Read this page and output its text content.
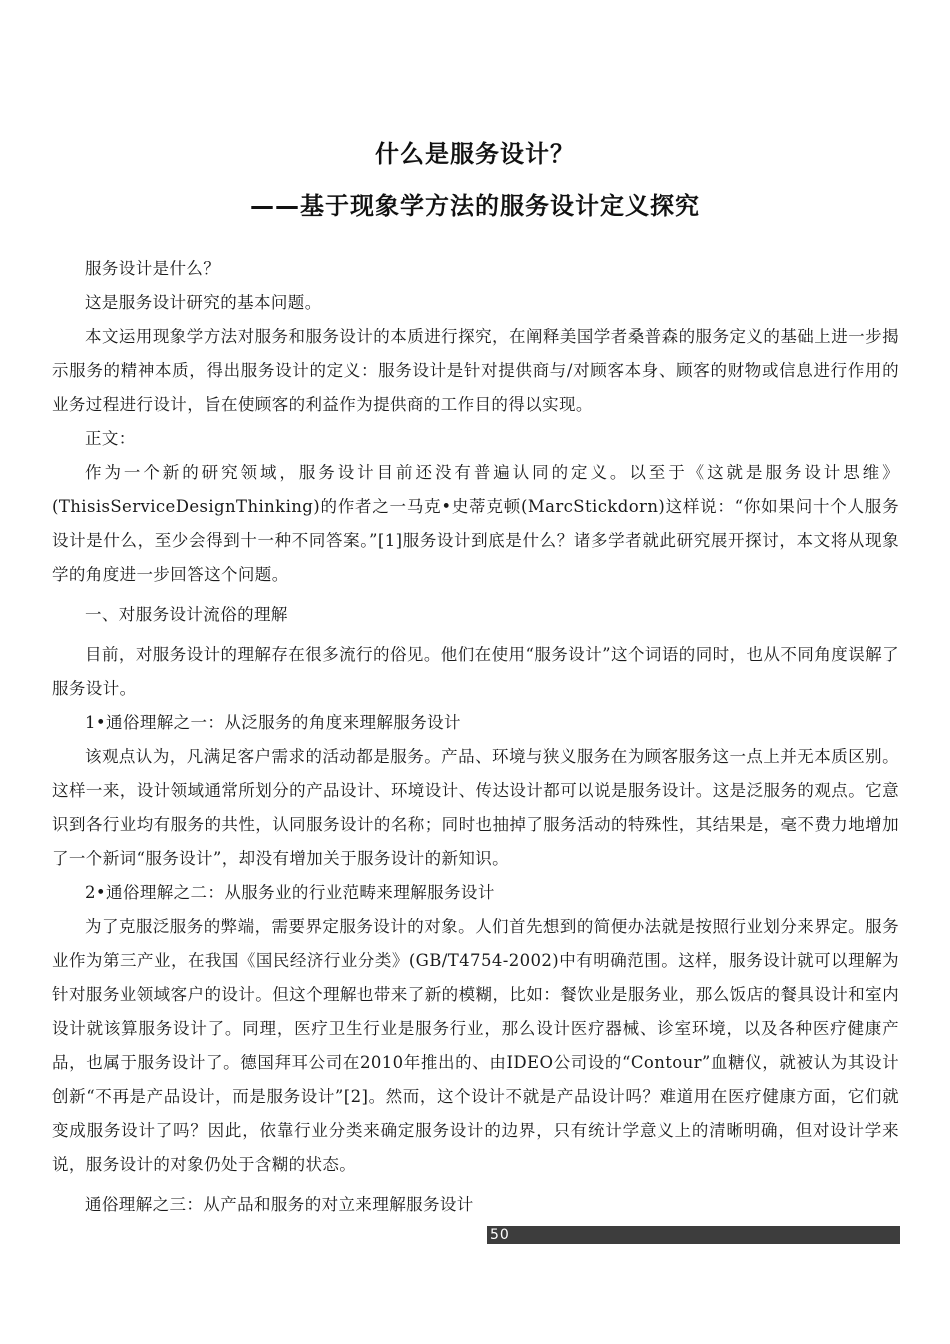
什么是服务设计？
——基于现象学方法的服务设计定义探究

服务设计是什么？

这是服务设计研究的基本问题。

本文运用现象学方法对服务和服务设计的本质进行探究，在阐释美国学者桑普森的服务定义的基础上进一步揭示服务的精神本质，得出服务设计的定义：服务设计是针对提供商与/对顾客本身、顾客的财物或信息进行作用的业务过程进行设计，旨在使顾客的利益作为提供商的工作目的得以实现。

正文：

作为一个新的研究领域，服务设计目前还没有普遍认同的定义。以至于《这就是服务设计思维》(ThisisServiceDesignThinking)的作者之一马克•史蒂克顿(MarcStickdorn)这样说：“你如果问十个人服务设计是什么，至少会得到十一种不同答案。”[1]服务设计到底是什么？诸多学者就此研究展开探讨，本文将从现象学的角度进一步回答这个问题。

一、对服务设计流俗的理解

目前，对服务设计的理解存在很多流行的俗见。他们在使用“服务设计”这个词语的同时，也从不同角度误解了服务设计。

1•通俗理解之一：从泛服务的角度来理解服务设计

该观点认为，凡满足客户需求的活动都是服务。产品、环境与狭义服务在为顾客服务这一点上并无本质区别。这样一来，设计领域通常所划分的产品设计、环境设计、传达设计都可以说是服务设计。这是泛服务的观点。它意识到各行业均有服务的共性，认同服务设计的名称；同时也抽掉了服务活动的特殊性，其结果是，毫不费力地增加了一个新词“服务设计”，却没有增加关于服务设计的新知识。

2•通俗理解之二：从服务业的行业范畴来理解服务设计

为了克服泛服务的弊端，需要界定服务设计的对象。人们首先想到的简便办法就是按照行业划分来界定。服务业作为第三产业，在我国《国民经济行业分类》(GB/T4754-2002)中有明确范围。这样，服务设计就可以理解为针对服务业领域客户的设计。但这个理解也带来了新的模糊，比如：餐饮业是服务业，那么饭店的餐具设计和室内设计就该算服务设计了。同理，医疗卫生行业是服务行业，那么设计医疗器械、诊室环境，以及各种医疗健康产品，也属于服务设计了。德国拜耳公司在2010年推出的、由IDEO公司设的“Contour”血糖仪，就被认为其设计创新“不再是产品设计，而是服务设计”[2]。然而，这个设计不就是产品设计吗？难道用在医疗健康方面，它们就变成服务设计了吗？因此，依靠行业分类来确定服务设计的边界，只有统计学意义上的清晰明确，但对设计学来说，服务设计的对象仍处于含糊的状态。

通俗理解之三：从产品和服务的对立来理解服务设计

50
